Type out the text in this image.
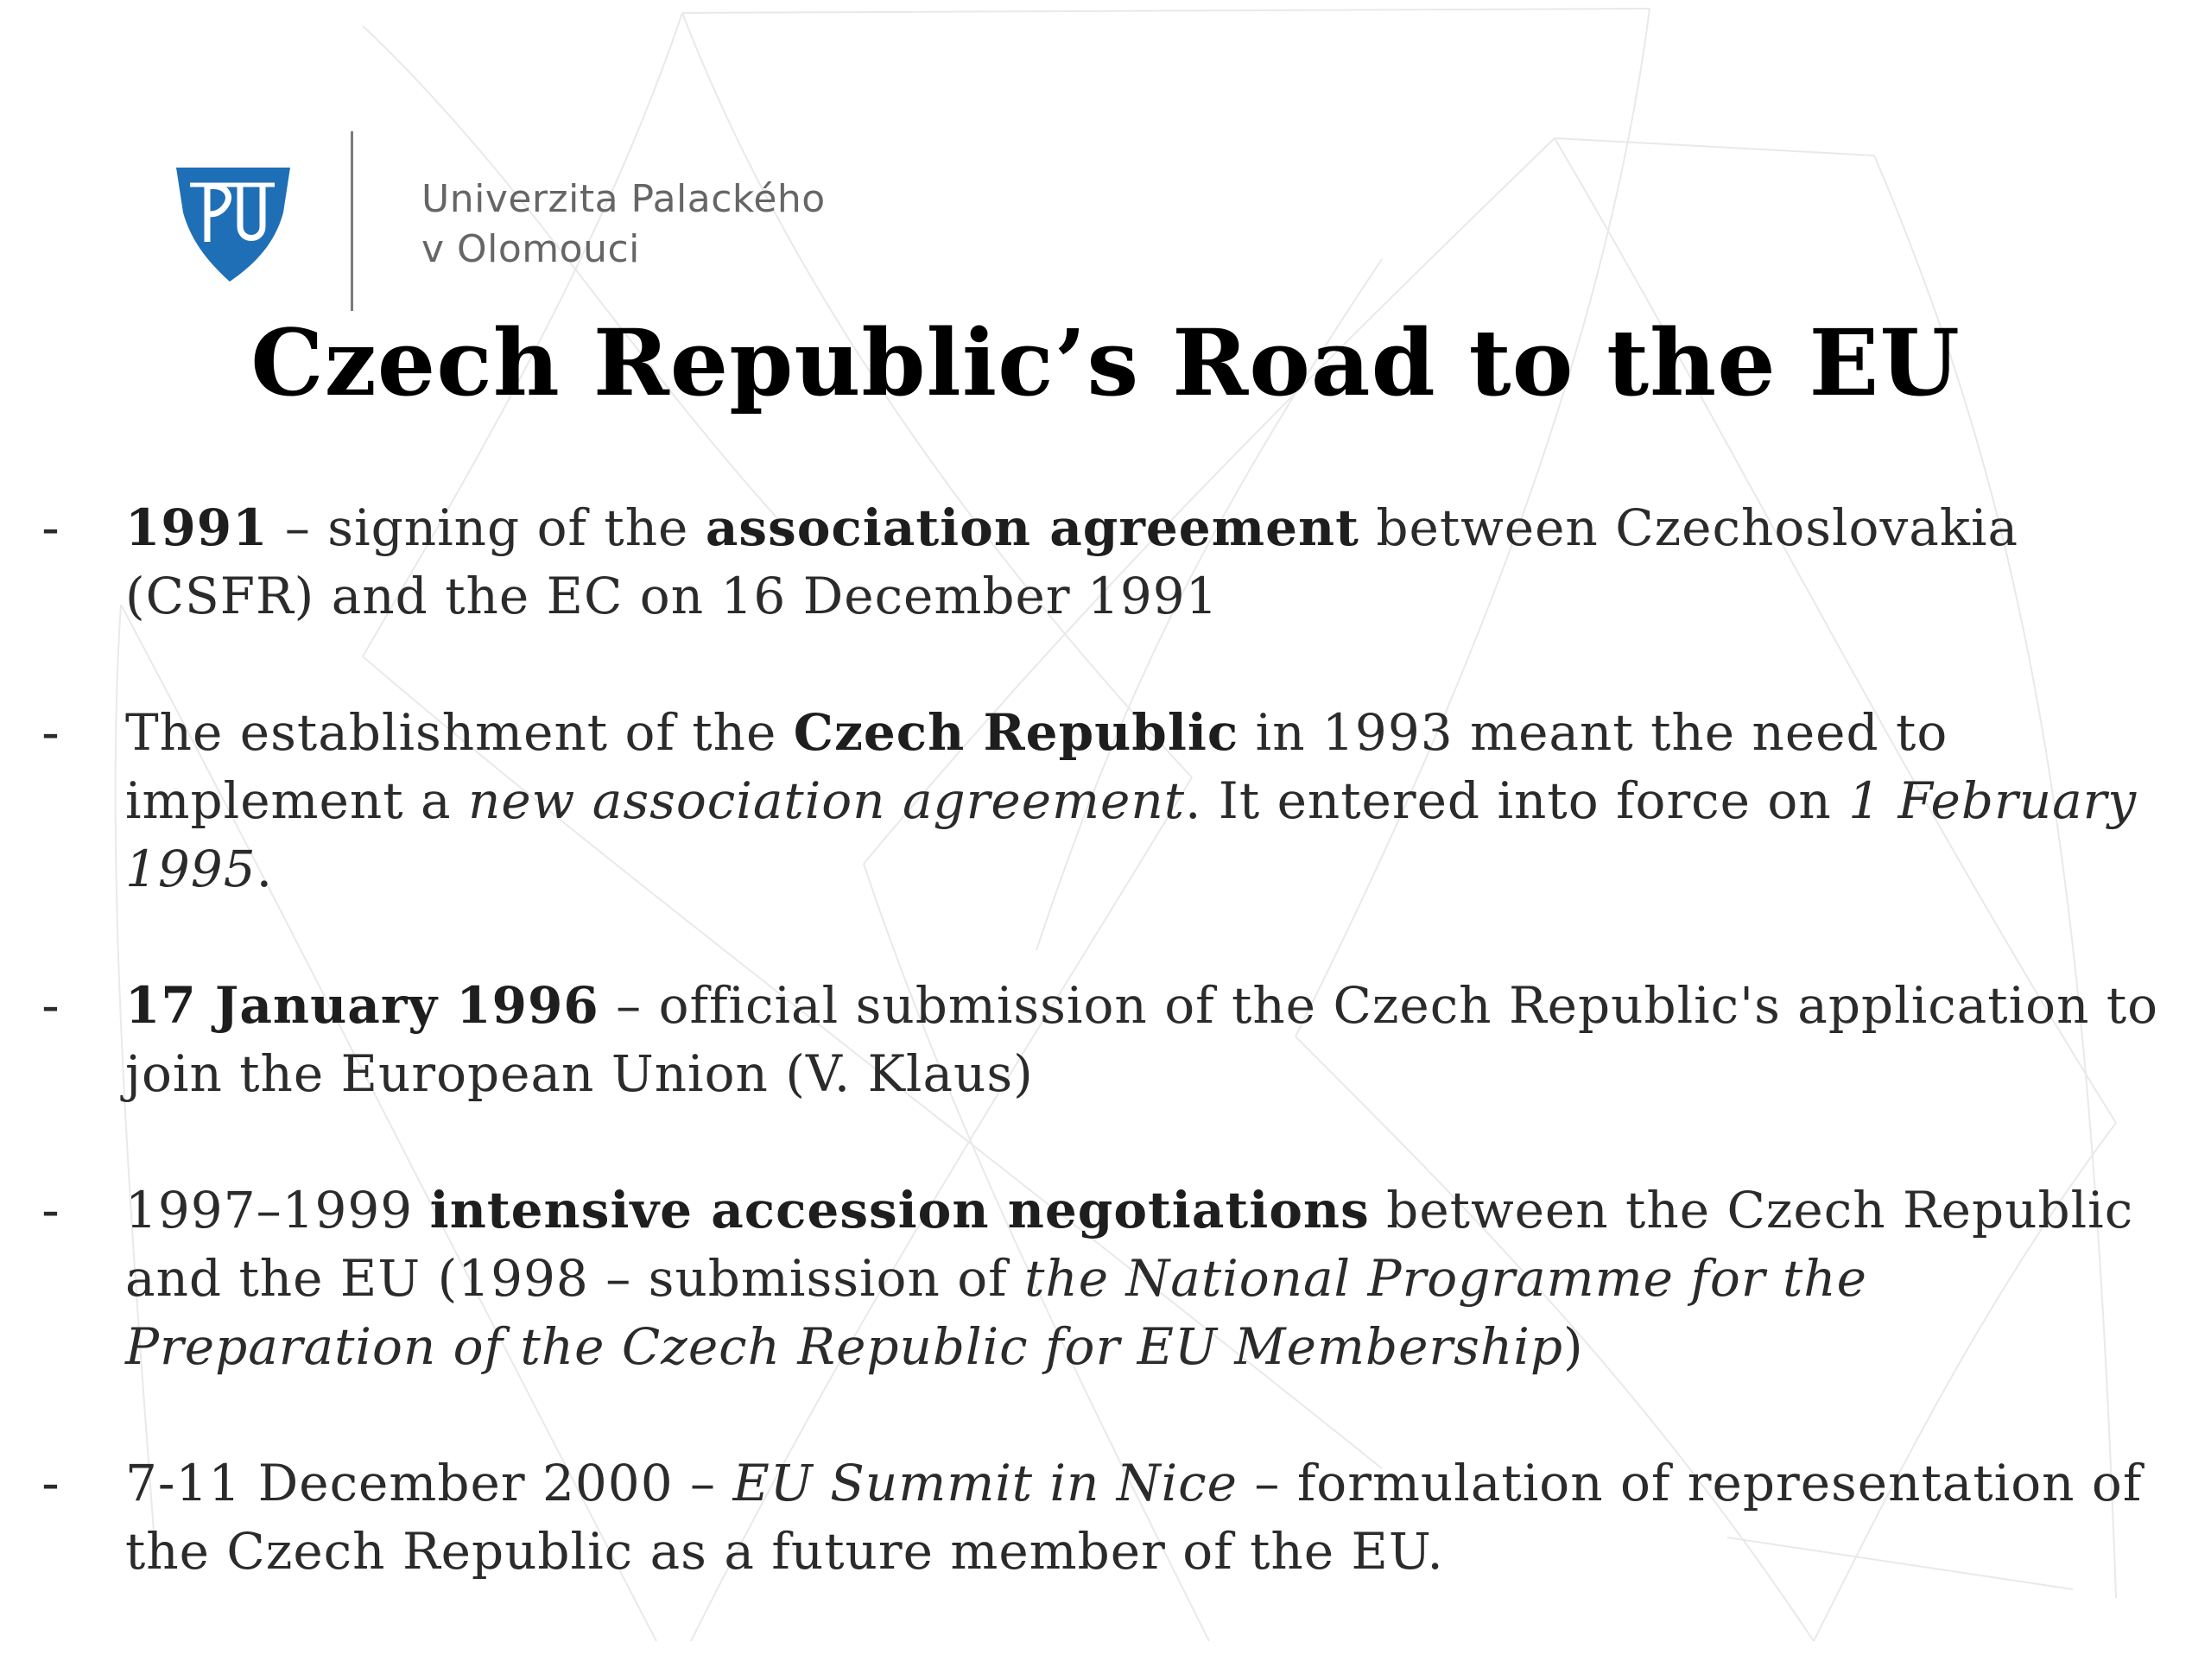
Univerzita Palackého
v Olomouci
Czech Republic’s Road to the EU
- 1991 – signing of the association agreement between Czechoslovakia (CSFR) and the EC on 16 December 1991
- The establishment of the Czech Republic in 1993 meant the need to implement a new association agreement. It entered into force on 1 February 1995.
- 17 January 1996 – official submission of the Czech Republic's application to join the European Union (V. Klaus)
- 1997–1999 intensive accession negotiations between the Czech Republic and the EU (1998 – submission of the National Programme for the Preparation of the Czech Republic for EU Membership)
- 7-11 December 2000 – EU Summit in Nice – formulation of representation of the Czech Republic as a future member of the EU.
